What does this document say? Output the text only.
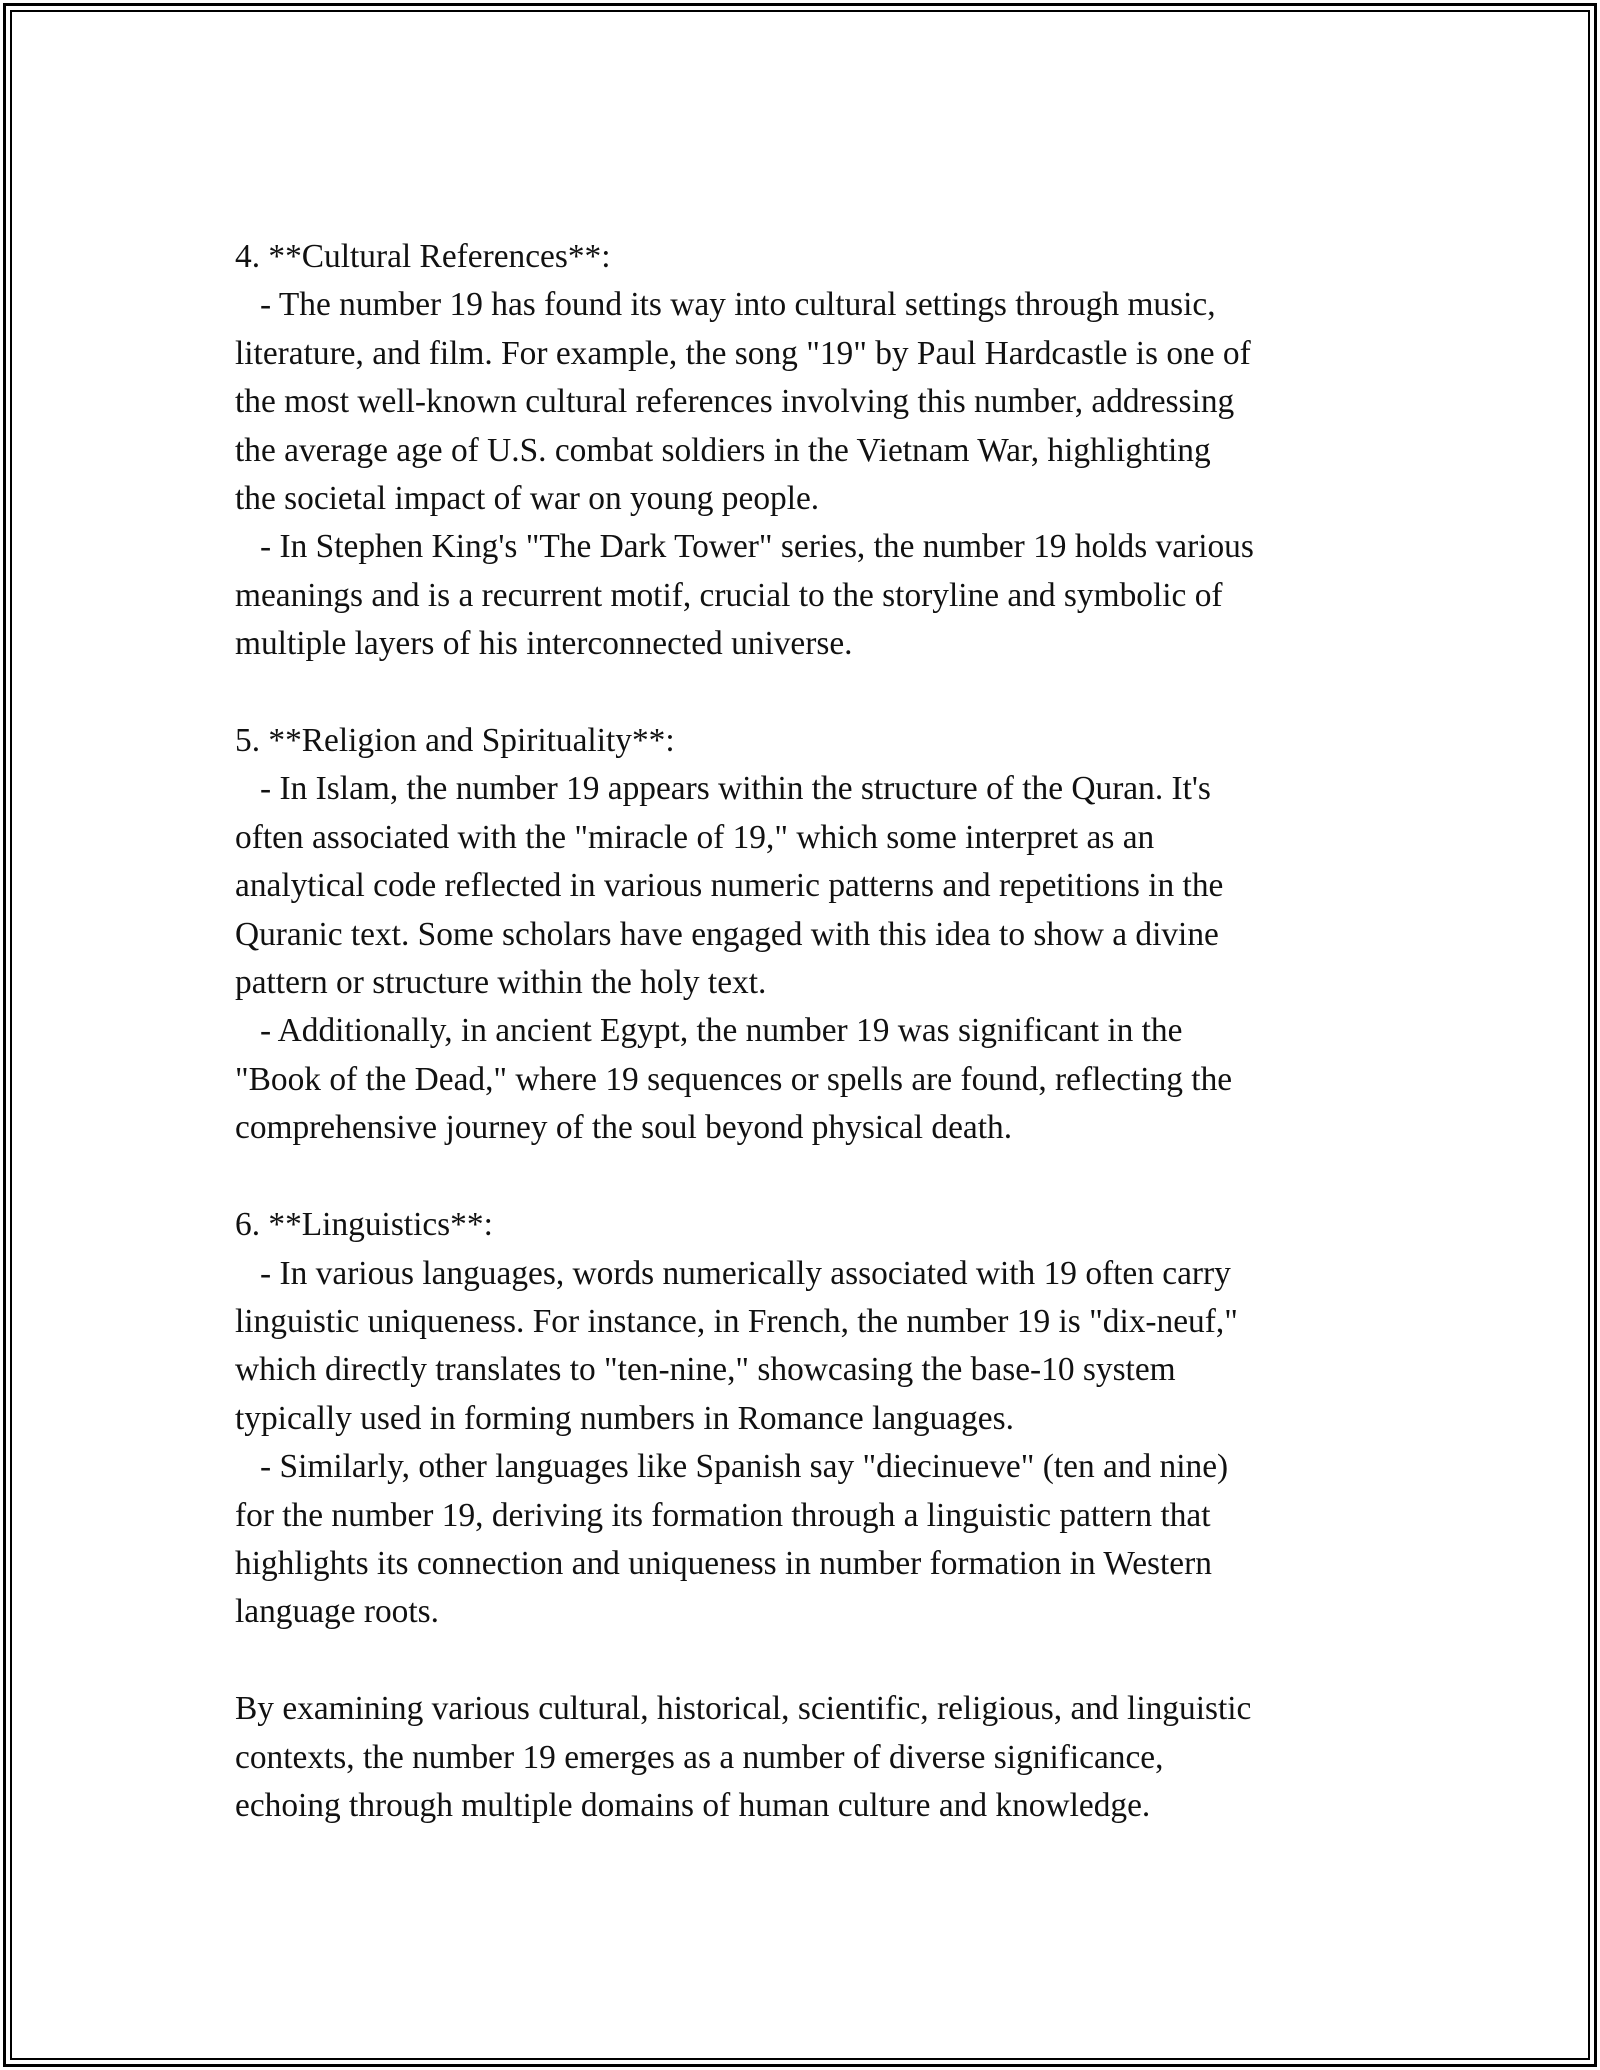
4. **Cultural References**:
- The number 19 has found its way into cultural settings through music,
literature, and film. For example, the song "19" by Paul Hardcastle is one of
the most well-known cultural references involving this number, addressing
the average age of U.S. combat soldiers in the Vietnam War, highlighting
the societal impact of war on young people.
- In Stephen King's "The Dark Tower" series, the number 19 holds various
meanings and is a recurrent motif, crucial to the storyline and symbolic of
multiple layers of his interconnected universe.
5. **Religion and Spirituality**:
- In Islam, the number 19 appears within the structure of the Quran. It's
often associated with the "miracle of 19," which some interpret as an
analytical code reflected in various numeric patterns and repetitions in the
Quranic text. Some scholars have engaged with this idea to show a divine
pattern or structure within the holy text.
- Additionally, in ancient Egypt, the number 19 was significant in the
"Book of the Dead," where 19 sequences or spells are found, reflecting the
comprehensive journey of the soul beyond physical death.
6. **Linguistics**:
- In various languages, words numerically associated with 19 often carry
linguistic uniqueness. For instance, in French, the number 19 is "dix-neuf,"
which directly translates to "ten-nine," showcasing the base-10 system
typically used in forming numbers in Romance languages.
- Similarly, other languages like Spanish say "diecinueve" (ten and nine)
for the number 19, deriving its formation through a linguistic pattern that
highlights its connection and uniqueness in number formation in Western
language roots.
By examining various cultural, historical, scientific, religious, and linguistic
contexts, the number 19 emerges as a number of diverse significance,
echoing through multiple domains of human culture and knowledge.
